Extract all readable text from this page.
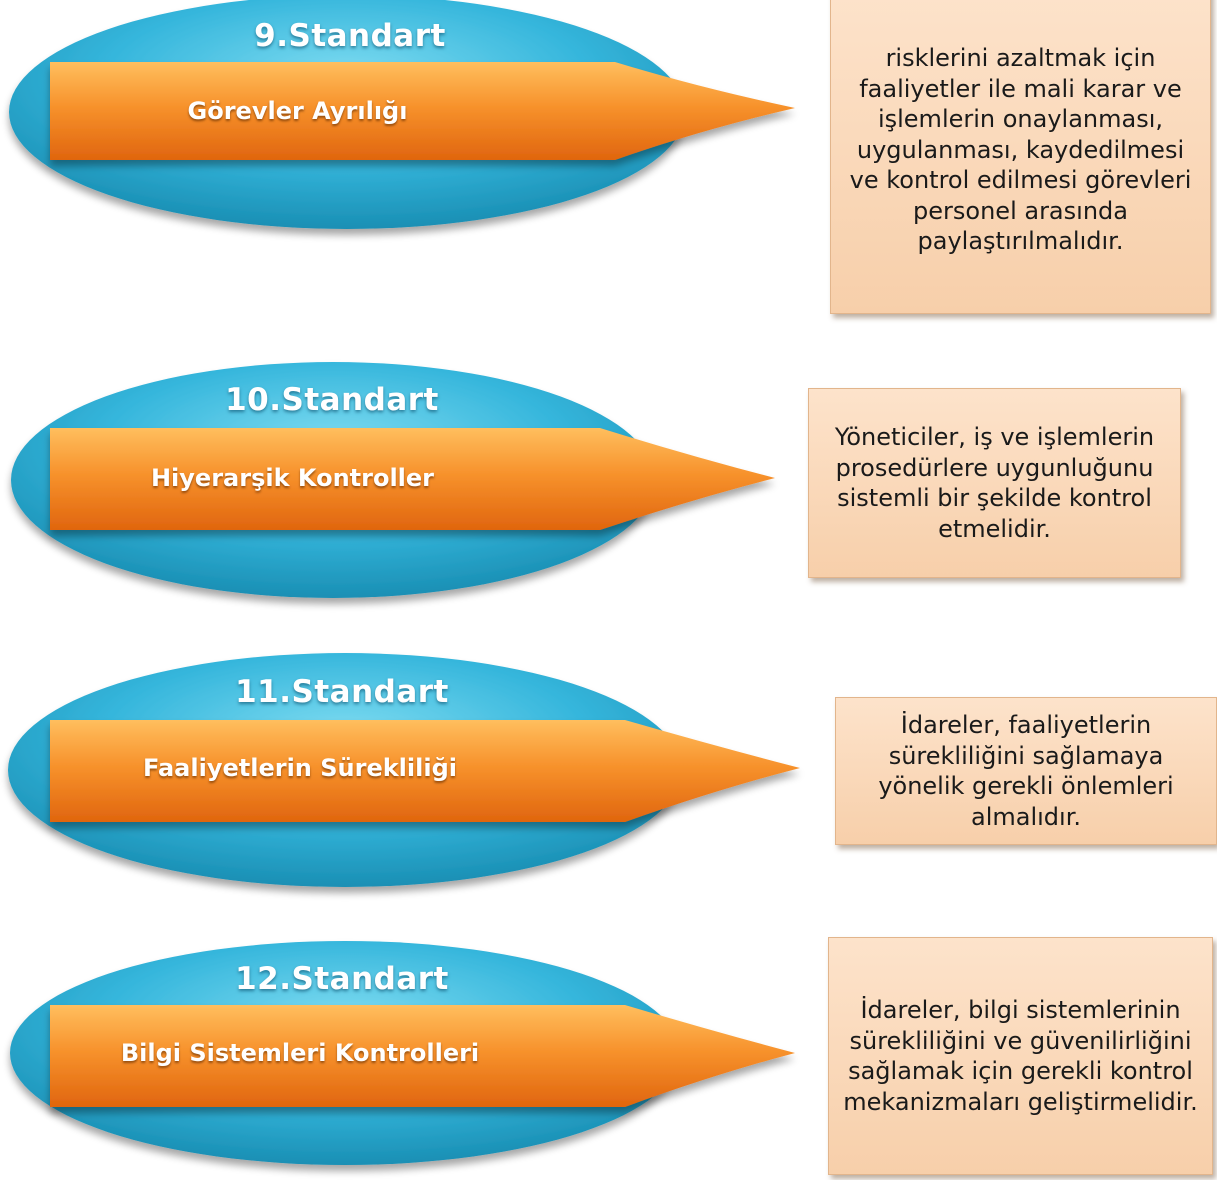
9.Standart
Görevler Ayrılığı
risklerini azaltmak için faaliyetler ile mali karar ve işlemlerin onaylanması, uygulanması, kaydedilmesi ve kontrol edilmesi görevleri personel arasında paylaştırılmalıdır.
10.Standart
Hiyerarşik Kontroller
Yöneticiler, iş ve işlemlerin prosedürlere uygunluğunu sistemli bir şekilde kontrol etmelidir.
11.Standart
Faaliyetlerin Sürekliliği
İdareler, faaliyetlerin sürekliliğini sağlamaya yönelik gerekli önlemleri almalıdır.
12.Standart
Bilgi Sistemleri Kontrolleri
İdareler, bilgi sistemlerinin sürekliliğini ve güvenilirliğini sağlamak için gerekli kontrol mekanizmaları geliştirmelidir.
